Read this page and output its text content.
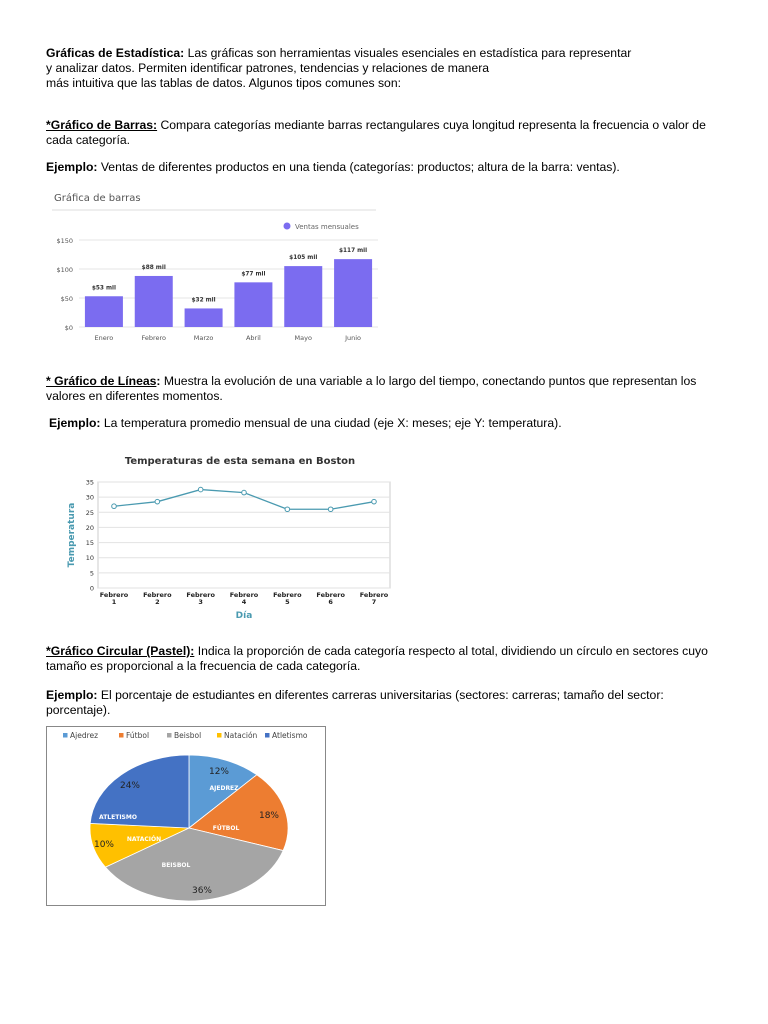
Gráficas de Estadística: Las gráficas son herramientas visuales esenciales en estadística para representar
y analizar datos. Permiten identificar patrones, tendencias y relaciones de manera
más intuitiva que las tablas de datos. Algunos tipos comunes son:

*Gráfico de Barras: Compara categorías mediante barras rectangulares cuya longitud representa la frecuencia o valor de cada categoría.

Ejemplo: Ventas de diferentes productos en una tienda (categorías: productos; altura de la barra: ventas).

Gráfica de barras
Ventas mensuales
$150
$100
$50
$0
$53 mil
Enero
$88 mil
Febrero
$32 mil
Marzo
$77 mil
Abril
$105 mil
Mayo
$117 mil
Junio

* Gráfico de Líneas: Muestra la evolución de una variable a lo largo del tiempo, conectando puntos que representan los valores en diferentes momentos.

Ejemplo: La temperatura promedio mensual de una ciudad (eje X: meses; eje Y: temperatura).

Temperaturas de esta semana en Boston
35
30
25
20
15
10
5
0
Temperatura
Febrero
1
Febrero
2
Febrero
3
Febrero
4
Febrero
5
Febrero
6
Febrero
7
Día

*Gráfico Circular (Pastel): Indica la proporción de cada categoría respecto al total, dividiendo un círculo en sectores cuyo tamaño es proporcional a la frecuencia de cada categoría.

Ejemplo: El porcentaje de estudiantes en diferentes carreras universitarias (sectores: carreras; tamaño del sector: porcentaje).

Ajedrez	Fútbol	Beisbol	Natación Atletismo
12%
AJEDREZ
18%
FÚTBOL
36%
BEISBOL
10%
NATACIÓN
24%
ATLETISMO
